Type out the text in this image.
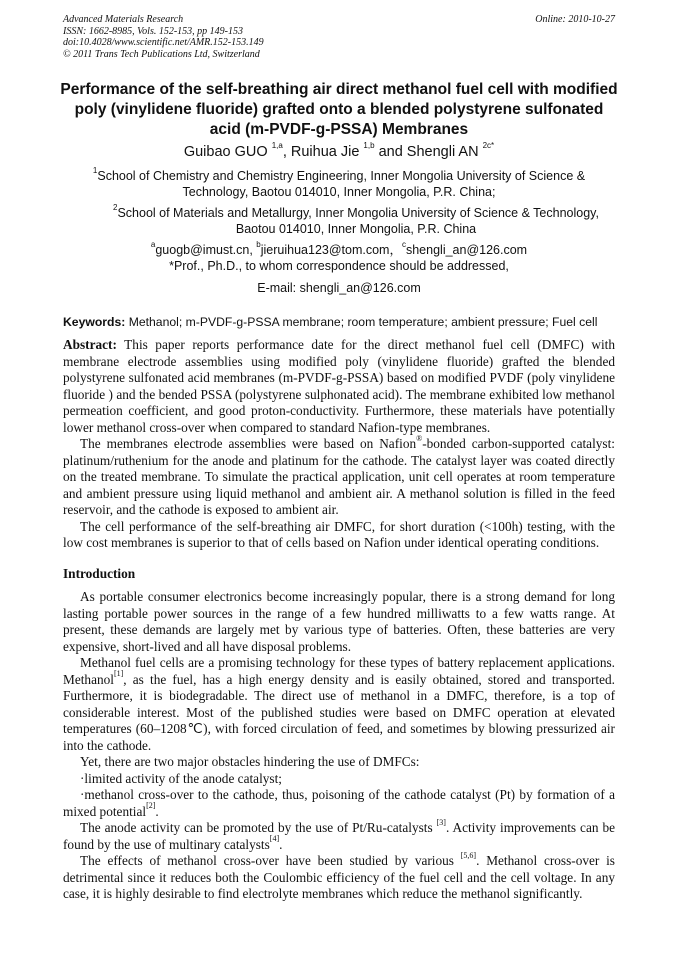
Advanced Materials Research
ISSN: 1662-8985, Vols. 152-153, pp 149-153
doi:10.4028/www.scientific.net/AMR.152-153.149
© 2011 Trans Tech Publications Ltd, Switzerland
Online: 2010-10-27
Performance of the self-breathing air direct methanol fuel cell with modified poly (vinylidene fluoride) grafted onto a blended polystyrene sulfonated acid (m-PVDF-g-PSSA) Membranes
Guibao GUO $^{1,a}$, Ruihua Jie $^{1,b}$ and Shengli AN $^{2c*}$
$^1$School of Chemistry and Chemistry Engineering, Inner Mongolia University of Science & Technology, Baotou 014010, Inner Mongolia, P.R. China;
$^2$School of Materials and Metallurgy, Inner Mongolia University of Science & Technology, Baotou 014010, Inner Mongolia, P.R. China
$^a$guogb@imust.cn, $^b$jieruihua123@tom.com，$^c$shengli_an@126.com
*Prof., Ph.D., to whom correspondence should be addressed,
E-mail: shengli_an@126.com
Keywords: Methanol; m-PVDF-g-PSSA membrane; room temperature; ambient pressure; Fuel cell

Abstract: This paper reports performance date for the direct methanol fuel cell (DMFC) with membrane electrode assemblies using modified poly (vinylidene fluoride) grafted the blended polystyrene sulfonated acid membranes (m-PVDF-g-PSSA) based on modified PVDF (poly vinylidene fluoride ) and the bended PSSA (polystyrene sulphonated acid). The membrane exhibited low methanol permeation coefficient, and good proton-conductivity. Furthermore, these materials have potentially lower methanol cross-over when compared to standard Nafion-type membranes.

The membranes electrode assemblies were based on Nafion®-bonded carbon-supported catalyst: platinum/ruthenium for the anode and platinum for the cathode. The catalyst layer was coated directly on the treated membrane. To simulate the practical application, unit cell operates at room temperature and ambient pressure using liquid methanol and ambient air. A methanol solution is filled in the feed reservoir, and the cathode is exposed to ambient air.

The cell performance of the self-breathing air DMFC, for short duration (<100h) testing, with the low cost membranes is superior to that of cells based on Nafion under identical operating conditions.

Introduction

As portable consumer electronics become increasingly popular, there is a strong demand for long lasting portable power sources in the range of a few hundred milliwatts to a few watts range. At present, these demands are largely met by various type of batteries. Often, these batteries are very expensive, short-lived and all have disposal problems.

Methanol fuel cells are a promising technology for these types of battery replacement applications. Methanol[1], as the fuel, has a high energy density and is easily obtained, stored and transported. Furthermore, it is biodegradable. The direct use of methanol in a DMFC, therefore, is a top of considerable interest. Most of the published studies were based on DMFC operation at elevated temperatures (60–1208℃), with forced circulation of feed, and sometimes by blowing pressurized air into the cathode.

Yet, there are two major obstacles hindering the use of DMFCs:

·limited activity of the anode catalyst;

·methanol cross-over to the cathode, thus, poisoning of the cathode catalyst (Pt) by formation of a mixed potential[2].

The anode activity can be promoted by the use of Pt/Ru-catalysts [3]. Activity improvements can be found by the use of multinary catalysts[4].

The effects of methanol cross-over have been studied by various [5,6]. Methanol cross-over is detrimental since it reduces both the Coulombic efficiency of the fuel cell and the cell voltage. In any case, it is highly desirable to find electrolyte membranes which reduce the methanol significantly.
